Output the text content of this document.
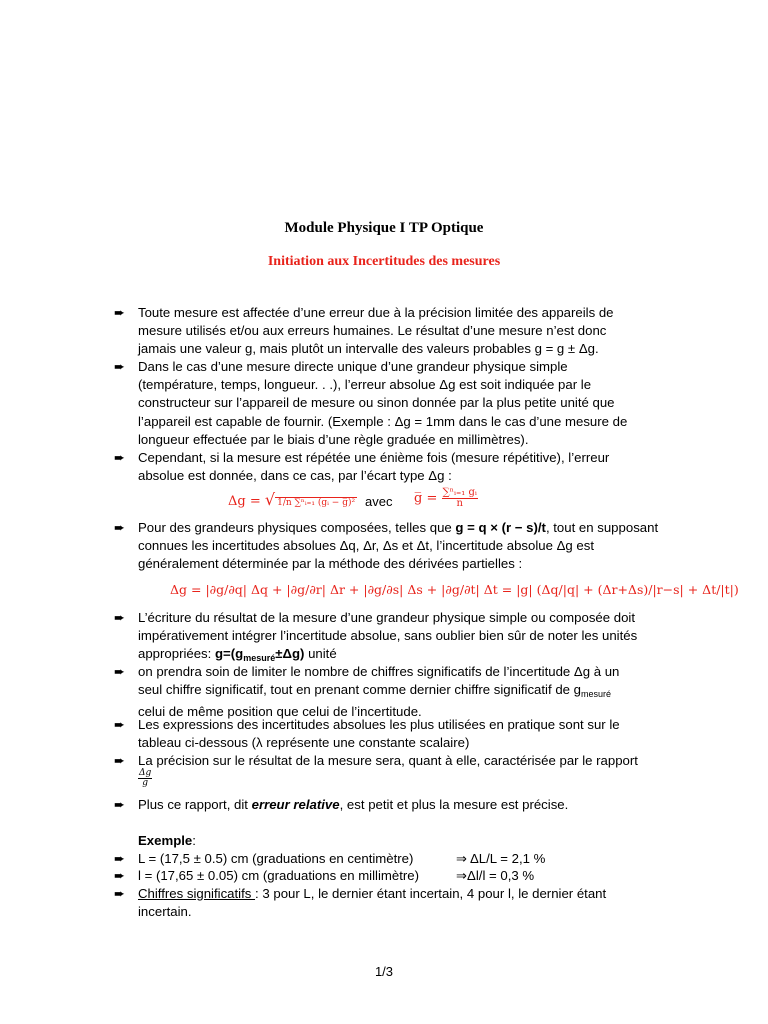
Module Physique I TP Optique
Initiation aux Incertitudes des mesures
➨
➨
➨
➨
➨
➨
➨
➨
➨
➨
➨
➨
Toute mesure est affectée d’une erreur due à la précision limitée des appareils de
mesure utilisés et/ou aux erreurs humaines. Le résultat d’une mesure n’est donc
jamais une valeur g, mais plutôt un intervalle des valeurs probables g = g ± Δg.
Dans le cas d’une mesure directe unique d’une grandeur physique simple
(température, temps, longueur. . .), l’erreur absolue Δg est soit indiquée par le
constructeur sur l’appareil de mesure ou sinon donnée par la plus petite unité que
l’appareil est capable de fournir. (Exemple : Δg = 1mm dans le cas d’une mesure de
longueur effectuée par le biais d’une règle graduée en millimètres).
Cependant, si la mesure est répétée une énième fois (mesure répétitive), l’erreur
absolue est donnée, dans ce cas, par l’écart type Δg :
Δg = √ 1/n ∑ⁿᵢ₌₁ (gᵢ − g̅)² avec g̅ = $\frac{\text{∑ⁿᵢ₌₁ gᵢ}}{n}$
Pour des grandeurs physiques composées, telles que g = q × (r − s)/t, tout en supposant
connues les incertitudes absolues Δq, Δr, Δs et Δt, l’incertitude absolue Δg est
généralement déterminée par la méthode des dérivées partielles :
Δg = |∂g/∂q| Δq + |∂g/∂r| Δr + |∂g/∂s| Δs + |∂g/∂t| Δt = |g| (Δq/|q| + (Δr+Δs)/|r−s| + Δt/|t|)
L’écriture du résultat de la mesure d’une grandeur physique simple ou composée doit
impérativement intégrer l’incertitude absolue, sans oublier bien sûr de noter les unités
appropriées: $g=(g_{mesuré}\pm\Delta g)$ unité
on prendra soin de limiter le nombre de chiffres significatifs de l’incertitude Δg à un
seul chiffre significatif, tout en prenant comme dernier chiffre significatif de $g_{mesuré}$
celui de même position que celui de l’incertitude.
Les expressions des incertitudes absolues les plus utilisées en pratique sont sur le
tableau ci-dessous (λ représente une constante scalaire)
La précision sur le résultat de la mesure sera, quant à elle, caractérisée par le rapport
$\frac{\Delta g}{g}$
Plus ce rapport, dit erreur relative, est petit et plus la mesure est précise.
Exemple:
L = (17,5 ± 0.5) cm (graduations en centimètre)	⇒ ΔL/L = 2,1 %
l = (17,65 ± 0.05) cm (graduations en millimètre)	⇒Δl/l = 0,3 %
Chiffres significatifs : 3 pour L, le dernier étant incertain, 4 pour l, le dernier étant
incertain.
1/3
